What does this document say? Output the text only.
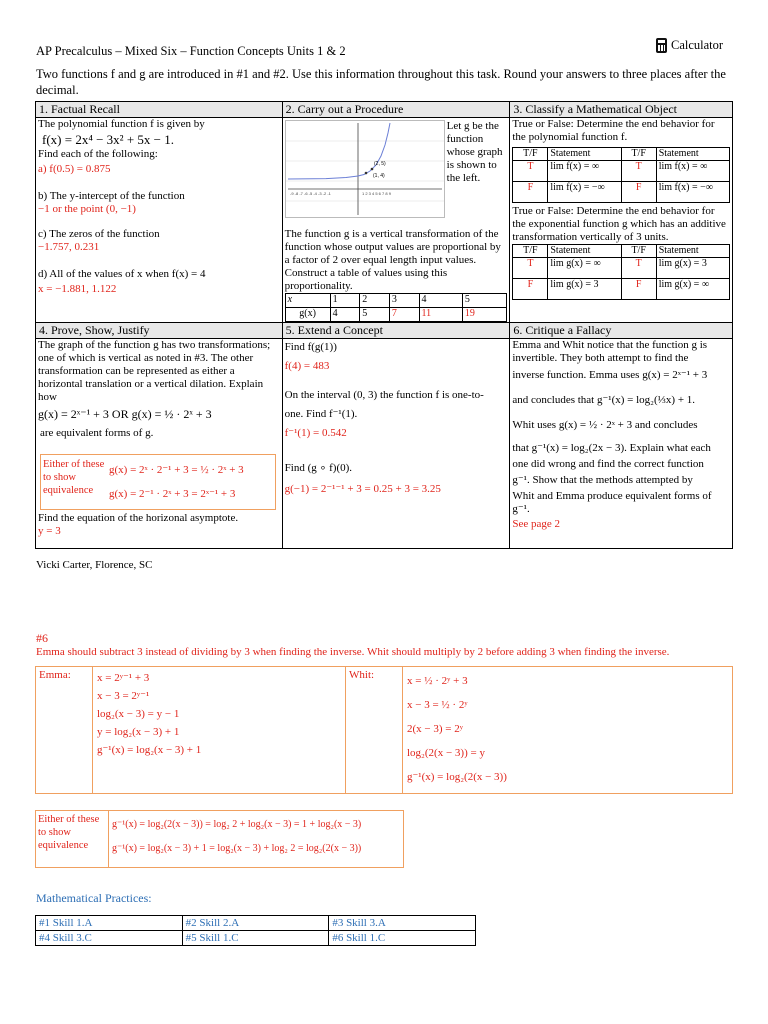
AP Precalculus – Mixed Six – Function Concepts Units 1 & 2	Calculator
Two functions f and g are introduced in #1 and #2. Use this information throughout this task. Round your answers to three places after the decimal.
1. Factual Recall
The polynomial function f is given by
f(x) = 2x⁴ − 3x² + 5x − 1.
Find each of the following:
a) f(0.5) = 0.875
b) The y-intercept of the function
−1 or the point (0, −1)
c) The zeros of the function
−1.757, 0.231
d) All of the values of x when f(x) = 4
x = −1.881, 1.122

2. Carry out a Procedure
-9 -8 -7 -6 -5 -4 -3 -2 -1	1 2 3 4 5 6 7 8 9
(1, 4)
(2, 5)
Let g be the function whose graph is shown to the left.
The function g is a vertical transformation of the function whose output values are proportional by a factor of 2 over equal length input values. Construct a table of values using this proportionality.
x	1	2	3	4	5
g(x)	4	5	7	11	19

3. Classify a Mathematical Object
True or False: Determine the end behavior for the polynomial function f.
T/F	Statement	T/F	Statement
T	lim f(x) = ∞	T	lim f(x) = ∞
F	lim f(x) = −∞	F	lim f(x) = −∞
True or False: Determine the end behavior for the exponential function g which has an additive transformation vertically of 3 units.
T/F	Statement	T/F	Statement
T	lim g(x) = ∞	T	lim g(x) = 3
F	lim g(x) = 3	F	lim g(x) = ∞

4. Prove, Show, Justify
The graph of the function g has two transformations; one of which is vertical as noted in #3. The other transformation can be represented as either a horizontal translation or a vertical dilation. Explain how
g(x) = 2ˣ⁻¹ + 3 OR g(x) = ½ · 2ˣ + 3
are equivalent forms of g.
Either of these to show equivalence
g(x) = 2ˣ · 2⁻¹ + 3 = ½ · 2ˣ + 3
g(x) = 2⁻¹ · 2ˣ + 3 = 2ˣ⁻¹ + 3
Find the equation of the horizonal asymptote.
y = 3

5. Extend a Concept
Find f(g(1))
f(4) = 483
On the interval (0, 3) the function f is one-to-
one. Find f⁻¹(1).
f⁻¹(1) = 0.542
Find (g ∘ f)(0).
g(−1) = 2⁻¹⁻¹ + 3 = 0.25 + 3 = 3.25

6. Critique a Fallacy
Emma and Whit notice that the function g is
invertible. They both attempt to find the
inverse function. Emma uses g(x) = 2ˣ⁻¹ + 3
and concludes that g⁻¹(x) = log₂(⅓x) + 1.
Whit uses g(x) = ½ · 2ˣ + 3 and concludes
that g⁻¹(x) = log₂(2x − 3). Explain what each
one did wrong and find the correct function
g⁻¹. Show that the methods attempted by
Whit and Emma produce equivalent forms of
g⁻¹.
See page 2
Vicki Carter, Florence, SC
#6
Emma should subtract 3 instead of dividing by 3 when finding the inverse. Whit should multiply by 2 before adding 3 when finding the inverse.
Emma:	x = 2ʸ⁻¹ + 3
x − 3 = 2ʸ⁻¹
log₂(x − 3) = y − 1
y = log₂(x − 3) + 1
g⁻¹(x) = log₂(x − 3) + 1
	Whit:	x = ½ · 2ʸ + 3
x − 3 = ½ · 2ʸ
2(x − 3) = 2ʸ
log₂(2(x − 3)) = y
g⁻¹(x) = log₂(2(x − 3))
Either of these to show equivalence
g⁻¹(x) = log₂(2(x − 3)) = log₂ 2 + log₂(x − 3) = 1 + log₂(x − 3)
g⁻¹(x) = log₂(x − 3) + 1 = log₂(x − 3) + log₂ 2 = log₂(2(x − 3))
Mathematical Practices:
#1 Skill 1.A	#2 Skill 2.A	#3 Skill 3.A
#4 Skill 3.C	#5 Skill 1.C	#6 Skill 1.C
